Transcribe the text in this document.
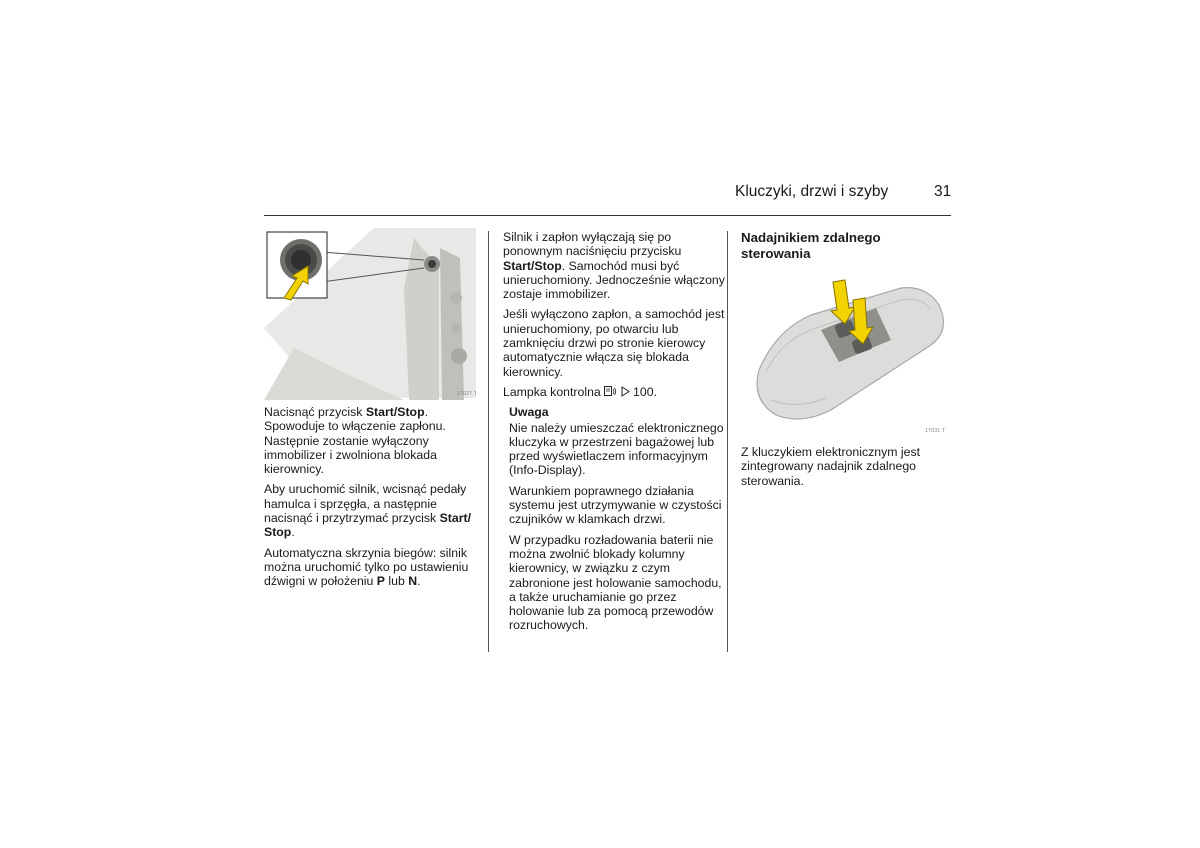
Kluczyki, drzwi i szyby	31
17027 T

Nacisnąć przycisk Start/Stop. Spowoduje to włączenie zapłonu. Następnie zostanie wyłączony immobilizer i zwolniona blokada kierownicy.

Aby uruchomić silnik, wcisnąć pedały hamulca i sprzęgła, a następnie nacisnąć i przytrzymać przycisk Start/ Stop.

Automatyczna skrzynia biegów: silnik można uruchomić tylko po ustawieniu dźwigni w położeniu P lub N.

Silnik i zapłon wyłączają się po ponownym naciśnięciu przycisku Start/Stop. Samochód musi być unieruchomiony. Jednocześnie włączony zostaje immobilizer.

Jeśli wyłączono zapłon, a samochód jest unieruchomiony, po otwarciu lub zamknięciu drzwi po stronie kierowcy automatycznie włącza się blokada kierownicy.

Lampka kontrolna   100.

Uwaga

Nie należy umieszczać elektronicznego kluczyka w przestrzeni bagażowej lub przed wyświetlaczem informacyjnym (Info-Display).

Warunkiem poprawnego działania systemu jest utrzymywanie w czystości czujników w klamkach drzwi.

W przypadku rozładowania baterii nie można zwolnić blokady kolumny kierownicy, w związku z czym zabronione jest holowanie samochodu, a także uruchamianie go przez holowanie lub za pomocą przewodów rozruchowych.

Nadajnikiem zdalnego sterowania
17031 T

Z kluczykiem elektronicznym jest zintegrowany nadajnik zdalnego sterowania.
